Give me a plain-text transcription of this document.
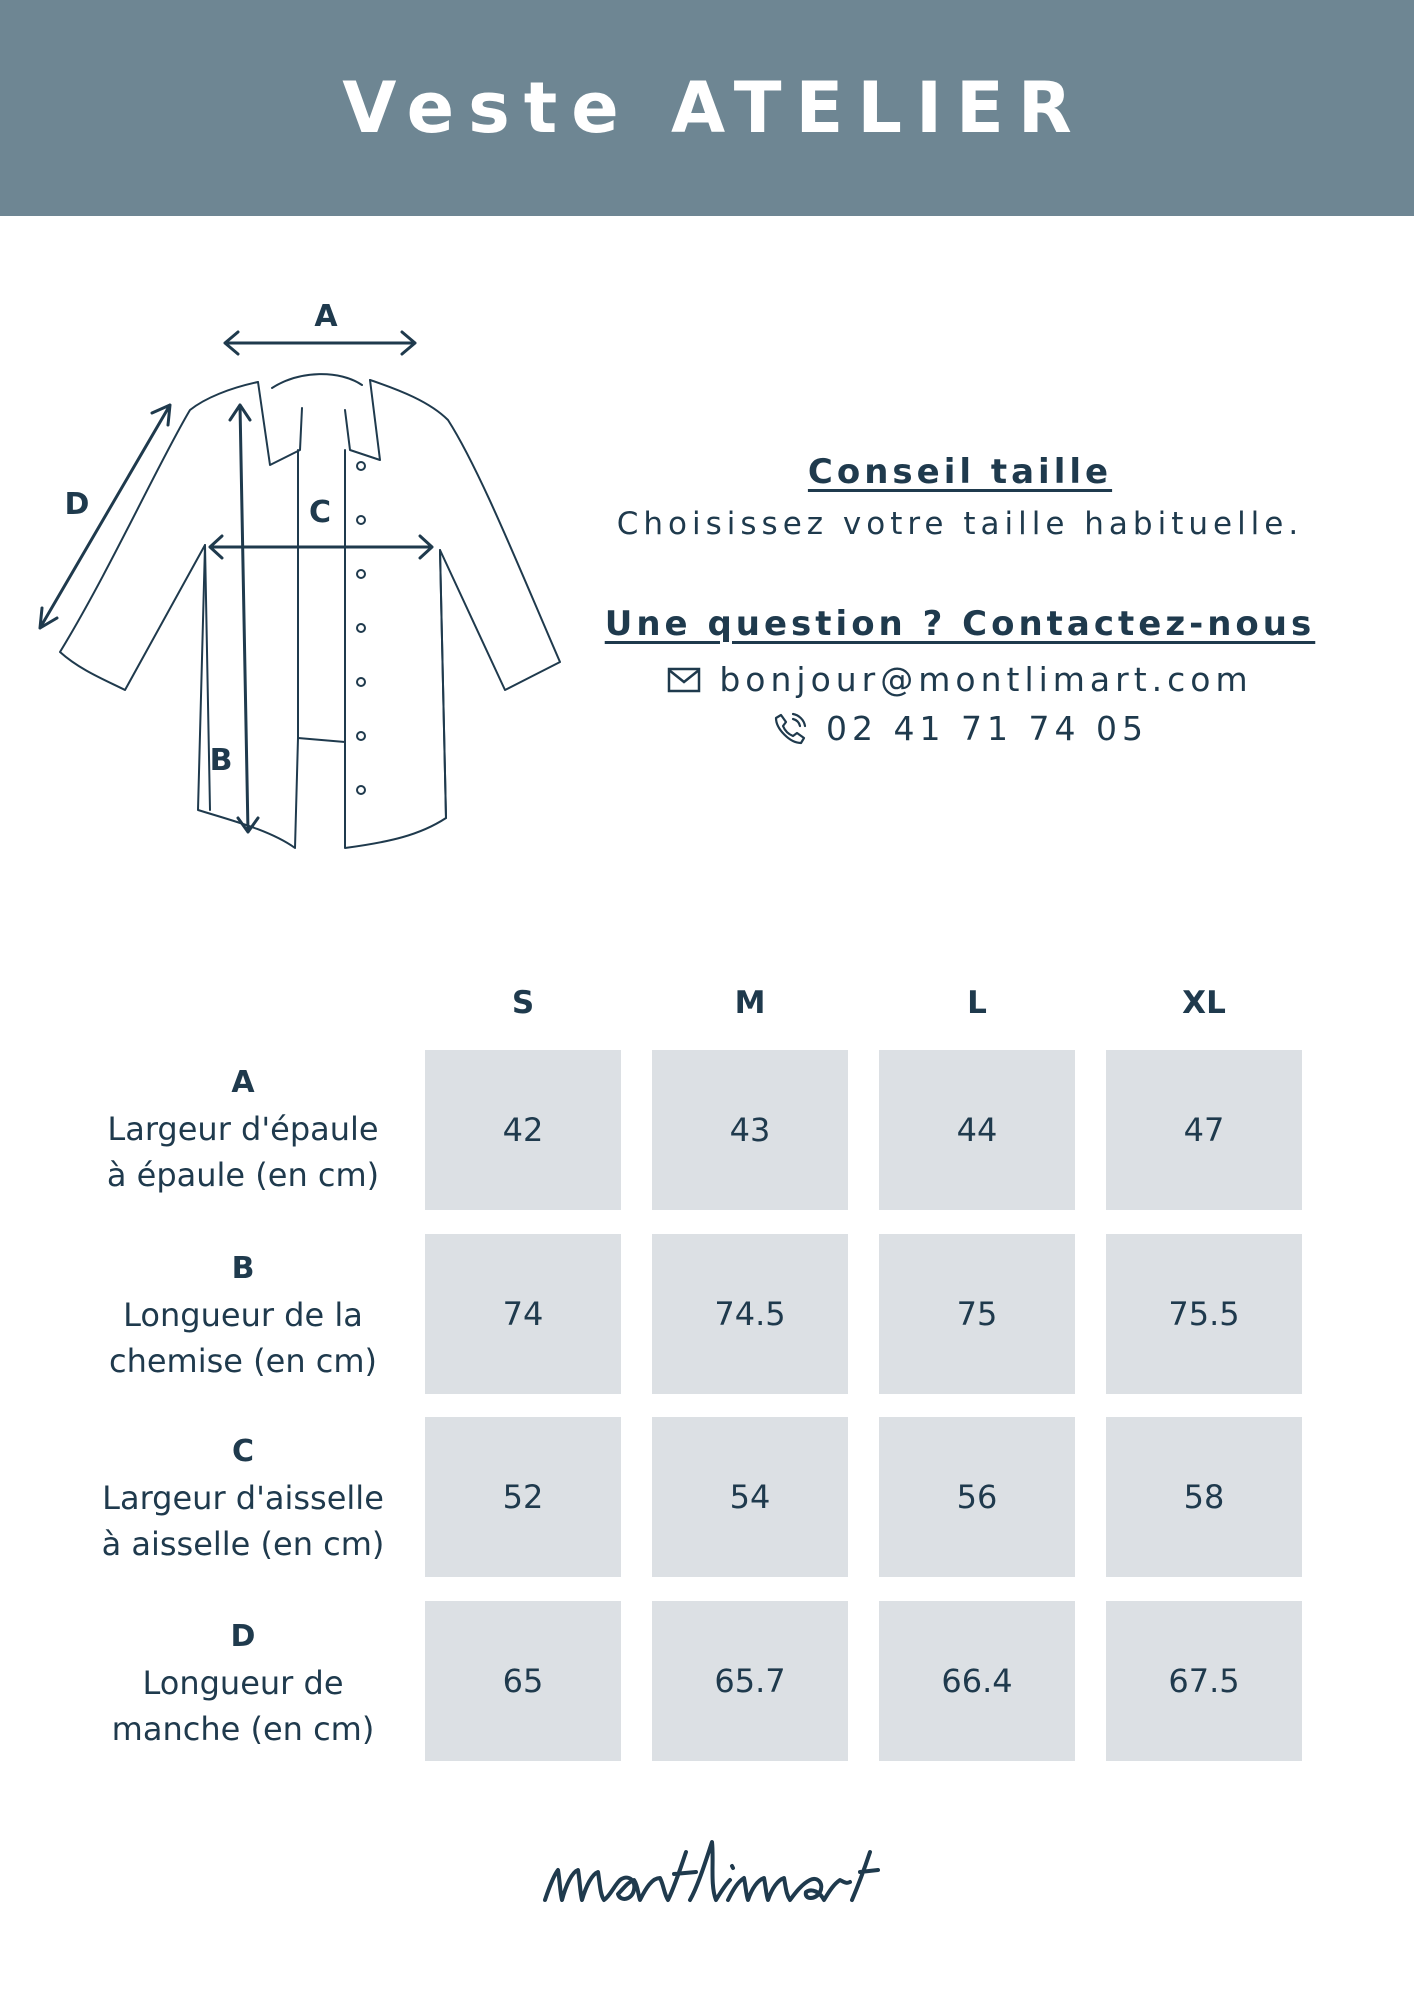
Veste ATELIER
A
C
B
D
Conseil taille
Choisissez votre taille habituelle.
Une question ? Contactez-nous
bonjour@montlimart.com
02 41 71 74 05
S	M	L	XL
A
Largeur d'épaule
à épaule (en cm)
42	43	44	47
B
Longueur de la
chemise (en cm)
74	74.5	75	75.5
C
Largeur d'aisselle
à aisselle (en cm)
52	54	56	58
D
Longueur de
manche (en cm)
65	65.7	66.4	67.5
